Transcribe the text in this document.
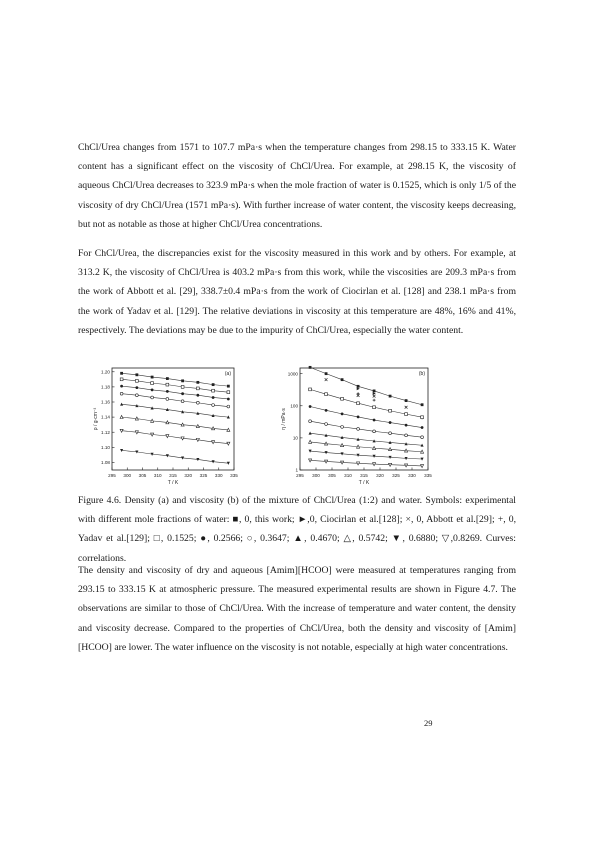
ChCl/Urea changes from 1571 to 107.7 mPa·s when the temperature changes from 298.15 to 333.15 K. Water content has a significant effect on the viscosity of ChCl/Urea. For example, at 298.15 K, the viscosity of aqueous ChCl/Urea decreases to 323.9 mPa·s when the mole fraction of water is 0.1525, which is only 1/5 of the viscosity of dry ChCl/Urea (1571 mPa·s). With further increase of water content, the viscosity keeps decreasing, but not as notable as those at higher ChCl/Urea concentrations.

For ChCl/Urea, the discrepancies exist for the viscosity measured in this work and by others. For example, at 313.2 K, the viscosity of ChCl/Urea is 403.2 mPa·s from this work, while the viscosities are 209.3 mPa·s from the work of Abbott et al. [29], 338.7±0.4 mPa·s from the work of Ciocirlan et al. [128] and 238.1 mPa·s from the work of Yadav et al. [129]. The relative deviations in viscosity at this temperature are 48%, 16% and 41%, respectively. The deviations may be due to the impurity of ChCl/Urea, especially the water content.

295 300 305 310 315 320 325 330 335
1.08
1.10
1.12
1.14
1.16
1.18
1.20
T / K
ρ / g·cm⁻³
(a)
295 300 305 310 315 320 325 330 335
1
10
100
1000
T / K
η / mPa·s
(b)

Figure 4.6. Density (a) and viscosity (b) of the mixture of ChCl/Urea (1:2) and water. Symbols: experimental with different mole fractions of water: ■, 0, this work; ►,0, Ciocirlan et al.[128]; ×, 0, Abbott et al.[29]; +, 0, Yadav et al.[129]; □, 0.1525; ●, 0.2566; ○, 0.3647; ▲, 0.4670; △, 0.5742; ▼, 0.6880; ▽,0.8269. Curves: correlations.

The density and viscosity of dry and aqueous [Amim][HCOO] were measured at temperatures ranging from 293.15 to 333.15 K at atmospheric pressure. The measured experimental results are shown in Figure 4.7. The observations are similar to those of ChCl/Urea. With the increase of temperature and water content, the density and viscosity decrease. Compared to the properties of ChCl/Urea, both the density and viscosity of [Amim][HCOO] are lower. The water influence on the viscosity is not notable, especially at high water concentrations.

29
